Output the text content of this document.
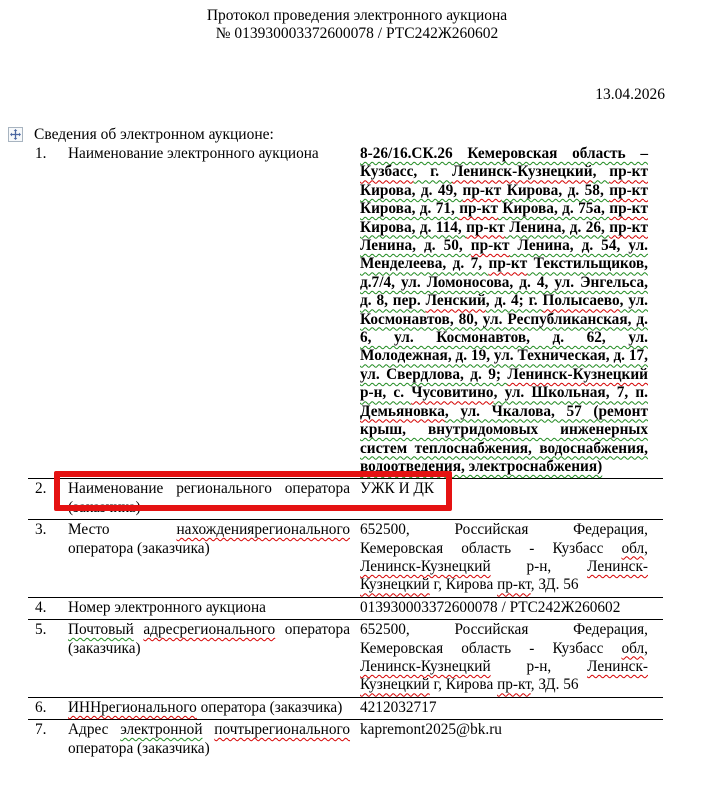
Протокол проведения электронного аукциона
№ 013930003372600078 / РТС242Ж260602
13.04.2026
Сведения об электронном аукционе:
1.	Наименование электронного аукциона	8-26/16.СК.26 Кемеровская область – Кузбасс, г. Ленинск-Кузнецкий, пр-кт Кирова, д. 49, пр-кт Кирова, д. 58, пр-кт Кирова, д. 71, пр-кт Кирова, д. 75а, пр-кт Кирова, д. 114, пр-кт Ленина, д. 26, пр-кт Ленина, д. 50, пр-кт Ленина, д. 54, ул. Менделеева, д. 7, пр-кт Текстильщиков, д.7/4, ул. Ломоносова, д. 4, ул. Энгельса, д. 8, пер. Ленский, д. 4; г. Полысаево, ул. Космонавтов, 80, ул. Республиканская, д. 6, ул. Космонавтов, д. 62, ул. Молодежная, д. 19, ул. Техническая, д. 17, ул. Свердлова, д. 9; Ленинск-Кузнецкий р-н, с. Чусовитино, ул. Школьная, 7, п. Демьяновка, ул. Чкалова, 57 (ремонт крыш, внутридомовых инженерных систем теплоснабжения, водоснабжения, водоотведения, электроснабжения)
2.	Наименование регионального оператора (заказчика)	УЖК И ДК
3.	Место нахождениярегионального оператора (заказчика)	652500, Российская Федерация, Кемеровская область - Кузбасс обл, Ленинск-Кузнецкий р-н, Ленинск-Кузнецкий г, Кирова пр-кт, ЗД. 56
4.	Номер электронного аукциона	013930003372600078 / РТС242Ж260602
5.	Почтовый адресрегионального оператора (заказчика)	652500, Российская Федерация, Кемеровская область - Кузбасс обл, Ленинск-Кузнецкий р-н, Ленинск-Кузнецкий г, Кирова пр-кт, ЗД. 56
6.	ИННрегионального оператора (заказчика)	4212032717
7.	Адрес электронной почтырегионального оператора (заказчика)	kapremont2025@bk.ru
